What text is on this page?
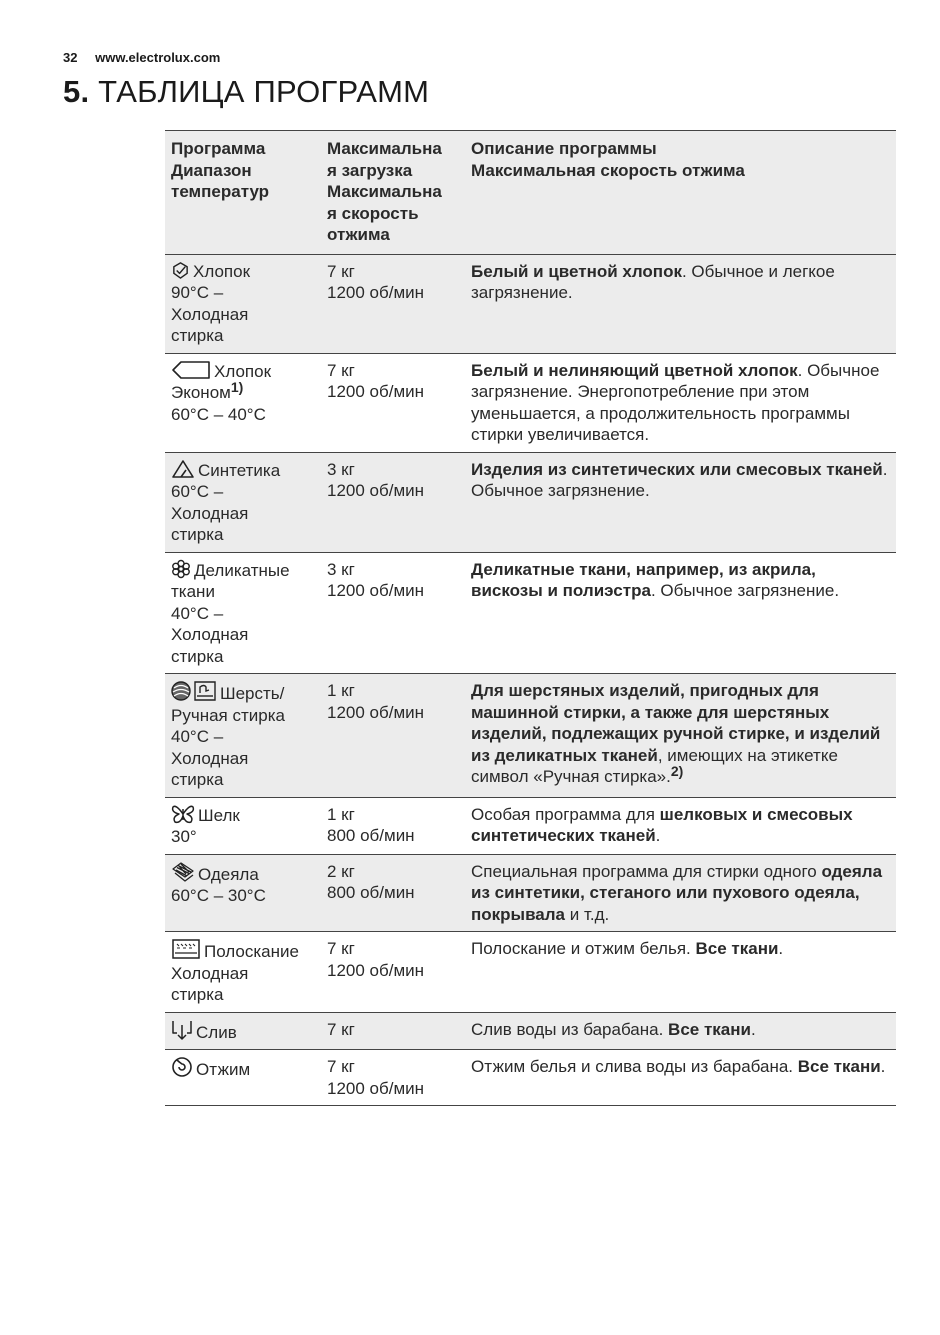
32 www.electrolux.com
5. ТАБЛИЦА ПРОГРАММ
Программа
Диапазон
температур	Максимальна
я загрузка
Максимальна
я скорость
отжима	Описание программы
Максимальная скорость отжима

Хлопок
90°C –
Холодная
стирка	7 кг
1200 об/мин	Белый и цветной хлопок. Обычное и легкое загрязнение.

Хлопок
Эконом$^{1)}$
60°C – 40°C	7 кг
1200 об/мин	Белый и нелиняющий цветной хлопок. Обычное загрязнение. Энергопотребление при этом уменьшается, а продолжительность программы стирки увеличивается.

Синтетика
60°C –
Холодная
стирка	3 кг
1200 об/мин	Изделия из синтетических или смесовых тканей. Обычное загрязнение.

Деликатные
ткани
40°C –
Холодная
стирка	3 кг
1200 об/мин	Деликатные ткани, например, из акрила, вискозы и полиэстра. Обычное загрязнение.

Шерсть/
Ручная стирка
40°C –
Холодная
стирка	1 кг
1200 об/мин	Для шерстяных изделий, пригодных для машинной стирки, а также для шерстяных изделий, подлежащих ручной стирке, и изделий из деликатных тканей, имеющих на этикетке символ «Ручная стирка».$^{2)}$

Шелк
30°	1 кг
800 об/мин	Особая программа для шелковых и смесовых синтетических тканей.

Одеяла
60°C – 30°C	2 кг
800 об/мин	Специальная программа для стирки одного одеяла из синтетики, стеганого или пухового одеяла, покрывала и т.д.

Полоскание
Холодная
стирка	7 кг
1200 об/мин	Полоскание и отжим белья. Все ткани.

Слив	7 кг	Слив воды из барабана. Все ткани.

Отжим	7 кг
1200 об/мин	Отжим белья и слива воды из барабана. Все ткани.
